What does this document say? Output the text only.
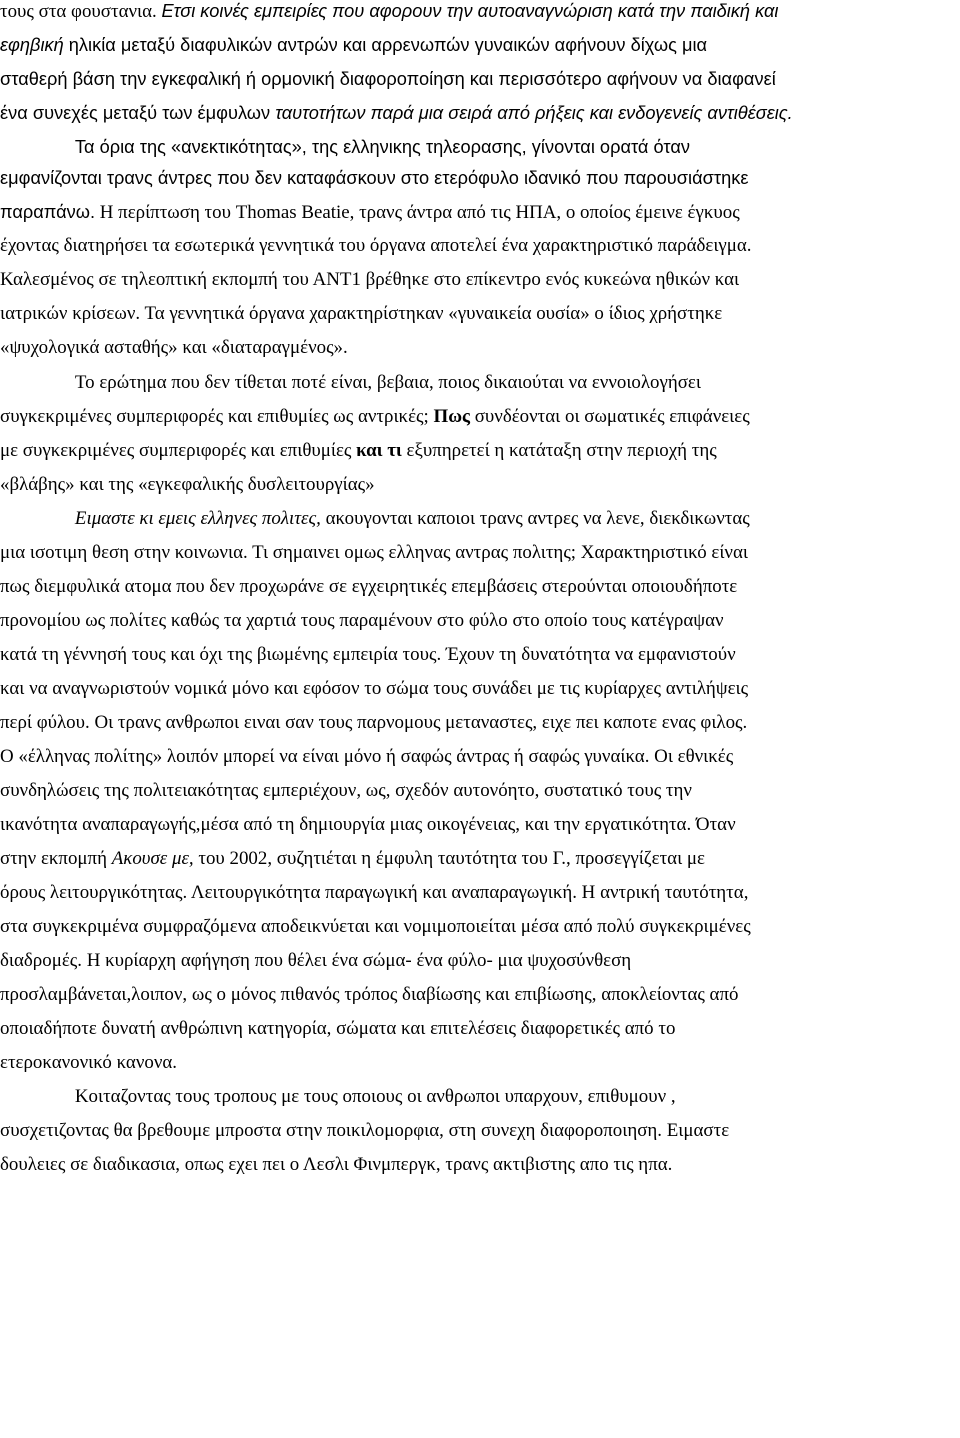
τους στα φουστανια. Ετσι κοινές εμπειρίες που αφορουν την αυτοαναγνώριση κατά την παιδική και
εφηβική ηλικία μεταξύ διαφυλικών αντρών και αρρενωπών γυναικών αφήνουν δίχως μια
σταθερή βάση την εγκεφαλική ή ορμονική διαφοροποίηση και περισσότερο αφήνουν να διαφανεί
ένα συνεχές μεταξύ των έμφυλων ταυτοτήτων παρά μια σειρά από ρήξεις και ενδογενείς αντιθέσεις.
Τα όρια της «ανεκτικότητας», της ελληνικης τηλεορασης, γίνονται ορατά όταν
εμφανίζονται τρανς άντρες που δεν καταφάσκουν στο ετερόφυλο ιδανικό που παρουσιάστηκε
παραπάνω. Η περίπτωση του Thomas Beatie, τρανς άντρα από τις ΗΠΑ, ο οποίος έμεινε έγκυος
έχοντας διατηρήσει τα εσωτερικά γεννητικά του όργανα αποτελεί ένα χαρακτηριστικό παράδειγμα.
Καλεσμένος σε τηλεοπτική εκπομπή του ΑΝΤ1 βρέθηκε στο επίκεντρο ενός κυκεώνα ηθικών και
ιατρικών κρίσεων. Τα γεννητικά όργανα χαρακτηρίστηκαν «γυναικεία ουσία» ο ίδιος χρήστηκε
«ψυχολογικά ασταθής» και «διαταραγμένος».
Το ερώτημα που δεν τίθεται ποτέ είναι, βεβαια, ποιος δικαιούται να εννοιολογήσει
συγκεκριμένες συμπεριφορές και επιθυμίες ως αντρικές; Πως συνδέονται οι σωματικές επιφάνειες
με συγκεκριμένες συμπεριφορές και επιθυμίες και τι εξυπηρετεί η κατάταξη στην περιοχή της
«βλάβης» και της «εγκεφαλικής δυσλειτουργίας»
Ειμαστε κι εμεις ελληνες πολιτες, ακουγονται καποιοι τρανς αντρες να λενε, διεκδικωντας
μια ισοτιμη θεση στην κοινωνια. Τι σημαινει ομως ελληνας αντρας πολιτης; Χαρακτηριστικό είναι
πως διεμφυλικά ατομα που δεν προχωράνε σε εγχειρητικές επεμβάσεις στερούνται οποιουδήποτε
προνομίου ως πολίτες καθώς τα χαρτιά τους παραμένουν στο φύλο στο οποίο τους κατέγραψαν
κατά τη γέννησή τους και όχι της βιωμένης εμπειρία τους. Έχουν τη δυνατότητα να εμφανιστούν
και να αναγνωριστούν νομικά μόνο και εφόσον το σώμα τους συνάδει με τις κυρίαρχες αντιλήψεις
περί φύλου. Οι τρανς ανθρωποι ειναι σαν τους παρνομους μεταναστες, ειχε πει καποτε ενας φιλος.
Ο «έλληνας πολίτης» λοιπόν μπορεί να είναι μόνο ή σαφώς άντρας ή σαφώς γυναίκα. Οι εθνικές
συνδηλώσεις της πολιτειακότητας εμπεριέχουν, ως, σχεδόν αυτονόητο, συστατικό τους την
ικανότητα αναπαραγωγής,μέσα από τη δημιουργία μιας οικογένειας, και την εργατικότητα. Όταν
στην εκπομπή Ακουσε με, του 2002, συζητιέται η έμφυλη ταυτότητα του Γ., προσεγγίζεται με
όρους λειτουργικότητας. Λειτουργικότητα παραγωγική και αναπαραγωγική. Η αντρική ταυτότητα,
στα συγκεκριμένα συμφραζόμενα αποδεικνύεται και νομιμοποιείται μέσα από πολύ συγκεκριμένες
διαδρομές. Η κυρίαρχη αφήγηση που θέλει ένα σώμα- ένα φύλο- μια ψυχοσύνθεση
προσλαμβάνεται,λοιπον, ως ο μόνος πιθανός τρόπος διαβίωσης και επιβίωσης, αποκλείοντας από
οποιαδήποτε δυνατή ανθρώπινη κατηγορία, σώματα και επιτελέσεις διαφορετικές από το
ετεροκανονικό κανονα.
Κοιταζοντας τους τροπους με τους οποιους οι ανθρωποι υπαρχουν, επιθυμουν ,
συσχετιζοντας θα βρεθουμε μπροστα στην ποικιλομορφια, στη συνεχη διαφοροποιηση. Ειμαστε
δουλειες σε διαδικασια, οπως εχει πει ο Λεσλι Φινμπεργκ, τρανς ακτιβιστης απο τις ηπα.
